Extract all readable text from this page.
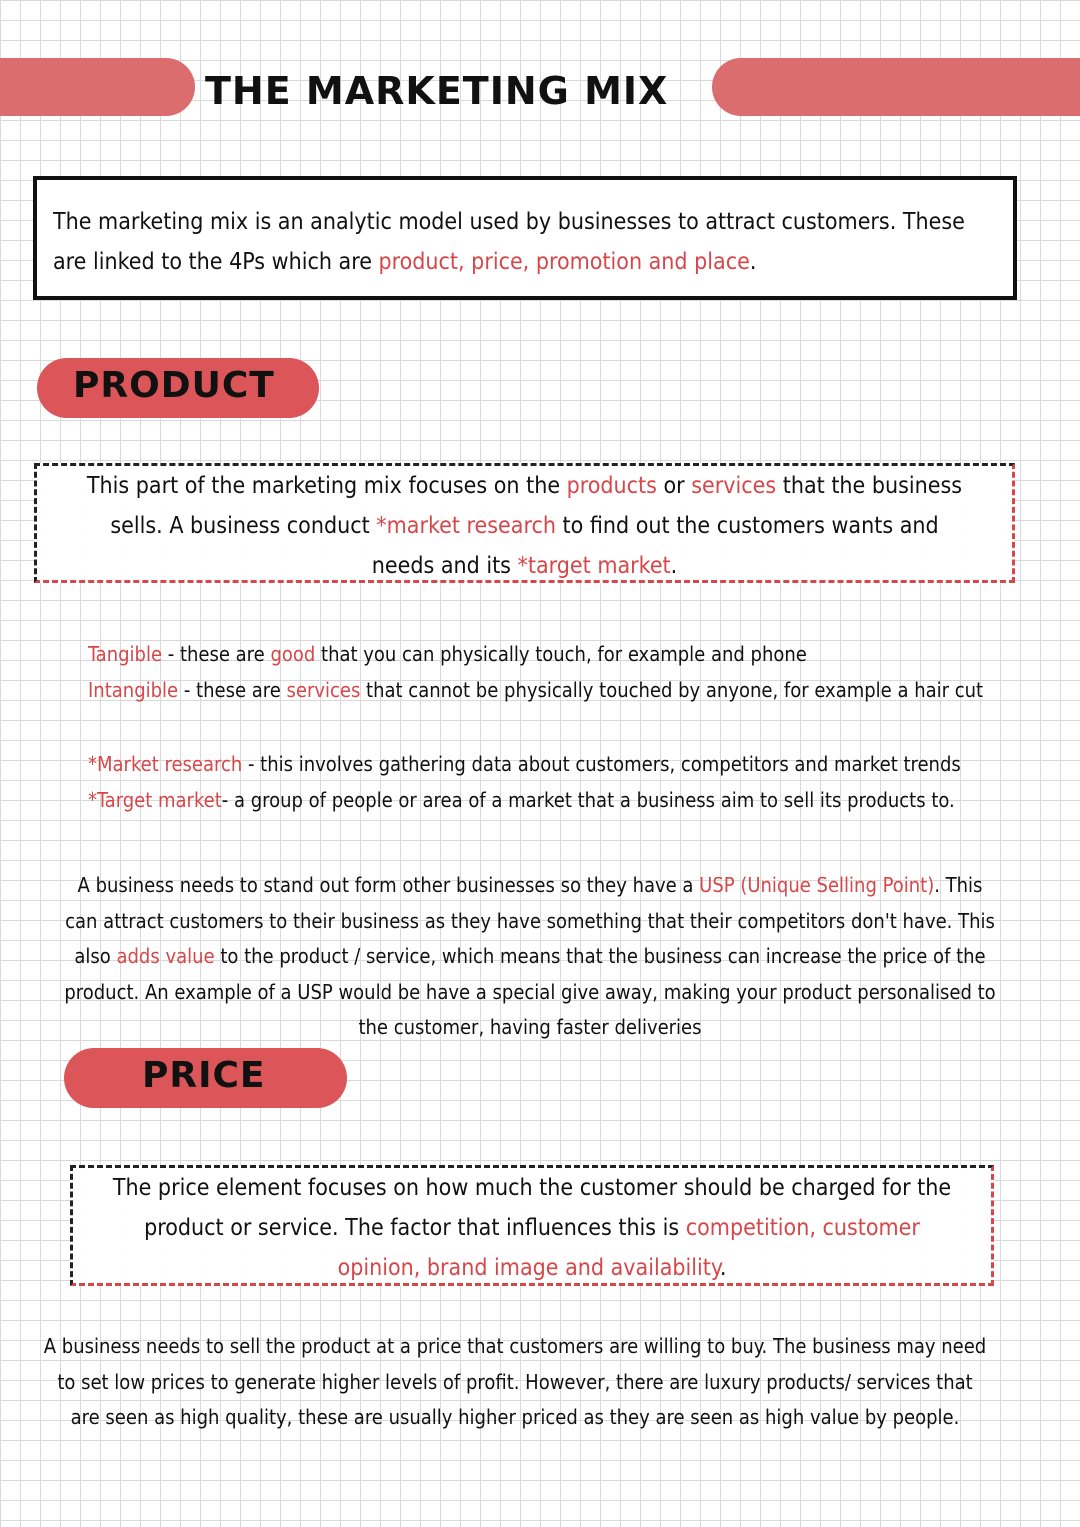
THE MARKETING MIX
The marketing mix is an analytic model used by businesses to attract customers. These are linked to the 4Ps which are product, price, promotion and place.
PRODUCT
This part of the marketing mix focuses on the products or services that the business sells. A business conduct *market research to find out the customers wants and needs and its *target market.

Tangible - these are good that you can physically touch, for example and phone

Intangible - these are services that cannot be physically touched by anyone, for example a hair cut

*Market research - this involves gathering data about customers, competitors and market trends

*Target market- a group of people or area of a market that a business aim to sell its products to.

A business needs to stand out form other businesses so they have a USP (Unique Selling Point). This can attract customers to their business as they have something that their competitors don't have. This also adds value to the product / service, which means that the business can increase the price of the product. An example of a USP would be have a special give away, making your product personalised to the customer, having faster deliveries
PRICE
The price element focuses on how much the customer should be charged for the product or service. The factor that influences this is competition, customer opinion, brand image and availability.
A business needs to sell the product at a price that customers are willing to buy. The business may need to set low prices to generate higher levels of profit. However, there are luxury products/ services that are seen as high quality, these are usually higher priced as they are seen as high value by people.
